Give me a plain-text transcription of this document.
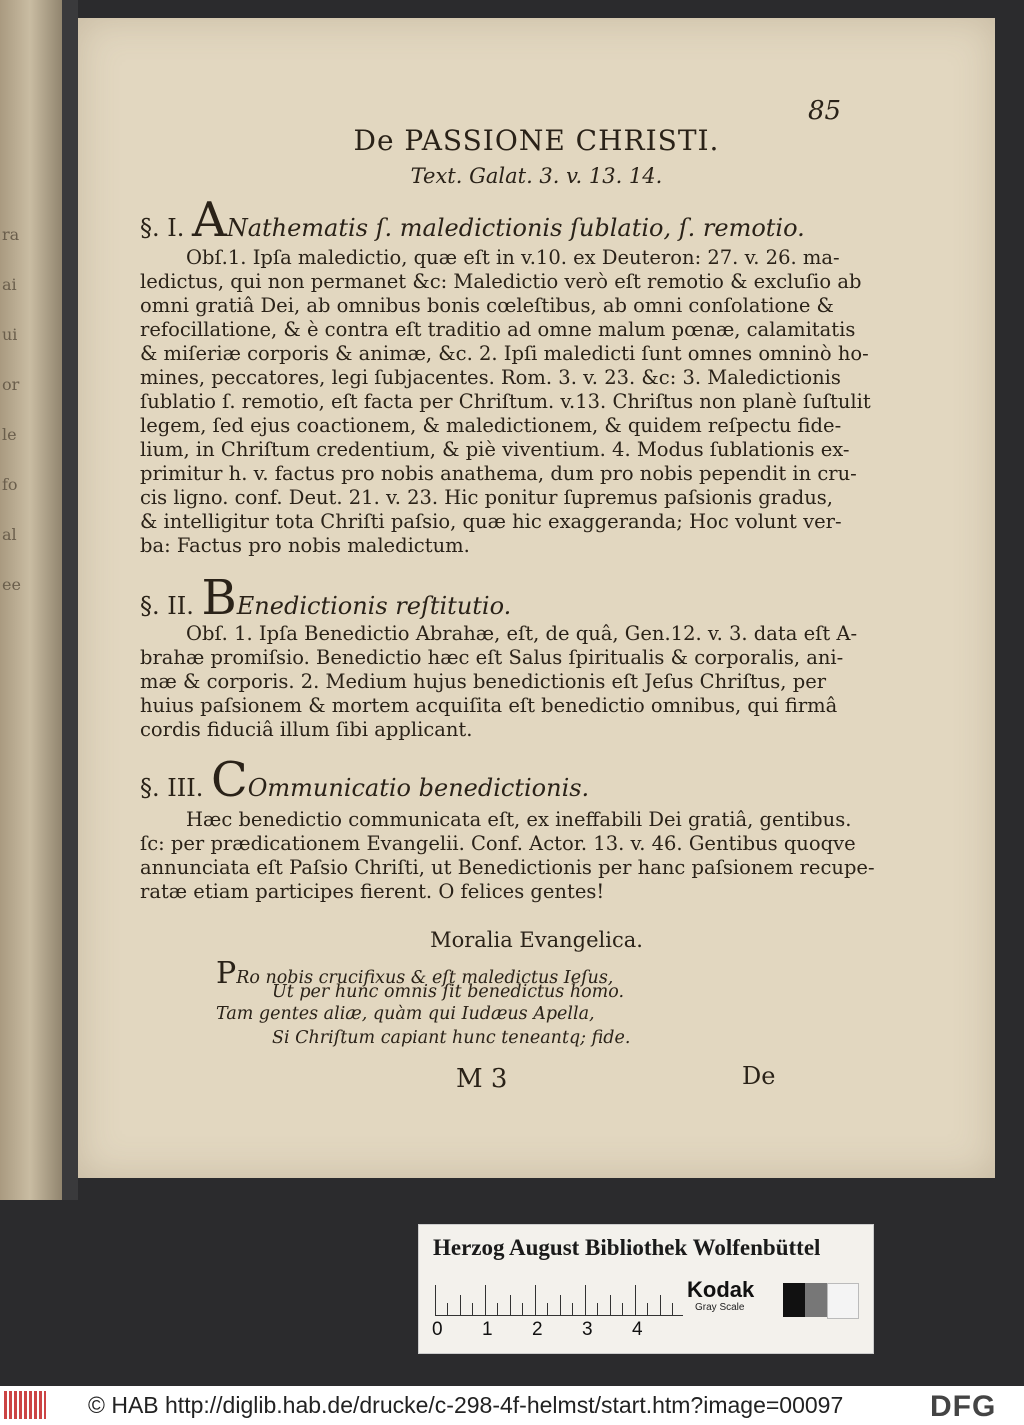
ra
ai
ui
or
le
fo
al
ee
85
De PASSIONE CHRISTI.
Text. Galat. 3. v. 13. 14.
§. I. ANathematis ſ. maledictionis ſublatio, ſ. remotio.
Obſ.1. Ipſa maledictio, quæ eſt in v.10. ex Deuteron: 27. v. 26. ma-
ledictus, qui non permanet &c: Maledictio verò eſt remotio & excluſio ab
omni gratiâ Dei, ab omnibus bonis cœleſtibus, ab omni conſolatione &
refocillatione, & è contra eſt traditio ad omne malum pœnæ, calamitatis
& miſeriæ corporis & animæ, &c. 2. Ipſi maledicti ſunt omnes omninò ho-
mines, peccatores, legi ſubjacentes. Rom. 3. v. 23. &c: 3. Maledictionis
ſublatio ſ. remotio, eſt facta per Chriſtum. v.13. Chriſtus non planè ſuſtulit
legem, ſed ejus coactionem, & maledictionem, & quidem reſpectu fide-
lium, in Chriſtum credentium, & piè viventium. 4. Modus ſublationis ex-
primitur h. v. factus pro nobis anathema, dum pro nobis pependit in cru-
cis ligno. conf. Deut. 21. v. 23. Hic ponitur ſupremus paſsionis gradus,
& intelligitur tota Chriſti paſsio, quæ hic exaggeranda; Hoc volunt ver-
ba: Factus pro nobis maledictum.
§. II. BEnedictionis reſtitutio.
Obſ. 1. Ipſa Benedictio Abrahæ, eſt, de quâ, Gen.12. v. 3. data eſt A-
brahæ promiſsio. Benedictio hæc eſt Salus ſpiritualis & corporalis, ani-
mæ & corporis. 2. Medium hujus benedictionis eſt Jeſus Chriſtus, per
huius paſsionem & mortem acquiſita eſt benedictio omnibus, qui firmâ
cordis fiduciâ illum ſibi applicant.
§. III. COmmunicatio benedictionis.
Hæc benedictio communicata eſt, ex ineffabili Dei gratiâ, gentibus.
ſc: per prædicationem Evangelii. Conf. Actor. 13. v. 46. Gentibus quoqve
annunciata eſt Paſsio Chriſti, ut Benedictionis per hanc paſsionem recupe-
ratæ etiam participes fierent. O felices gentes!
Moralia Evangelica.
PRo nobis crucifixus & eſt maledictus Ieſus,
Ut per hunc omnis ſit benedictus homo.
Tam gentes aliæ, quàm qui Iudæus Apella,
Si Chriſtum capiant hunc teneantq; fide.
M 3	De
Herzog August Bibliothek Wolfenbüttel
0 1 2 3 4
Kodak
Gray Scale
© HAB http://diglib.hab.de/drucke/c-298-4f-helmst/start.htm?image=00097	DFG
